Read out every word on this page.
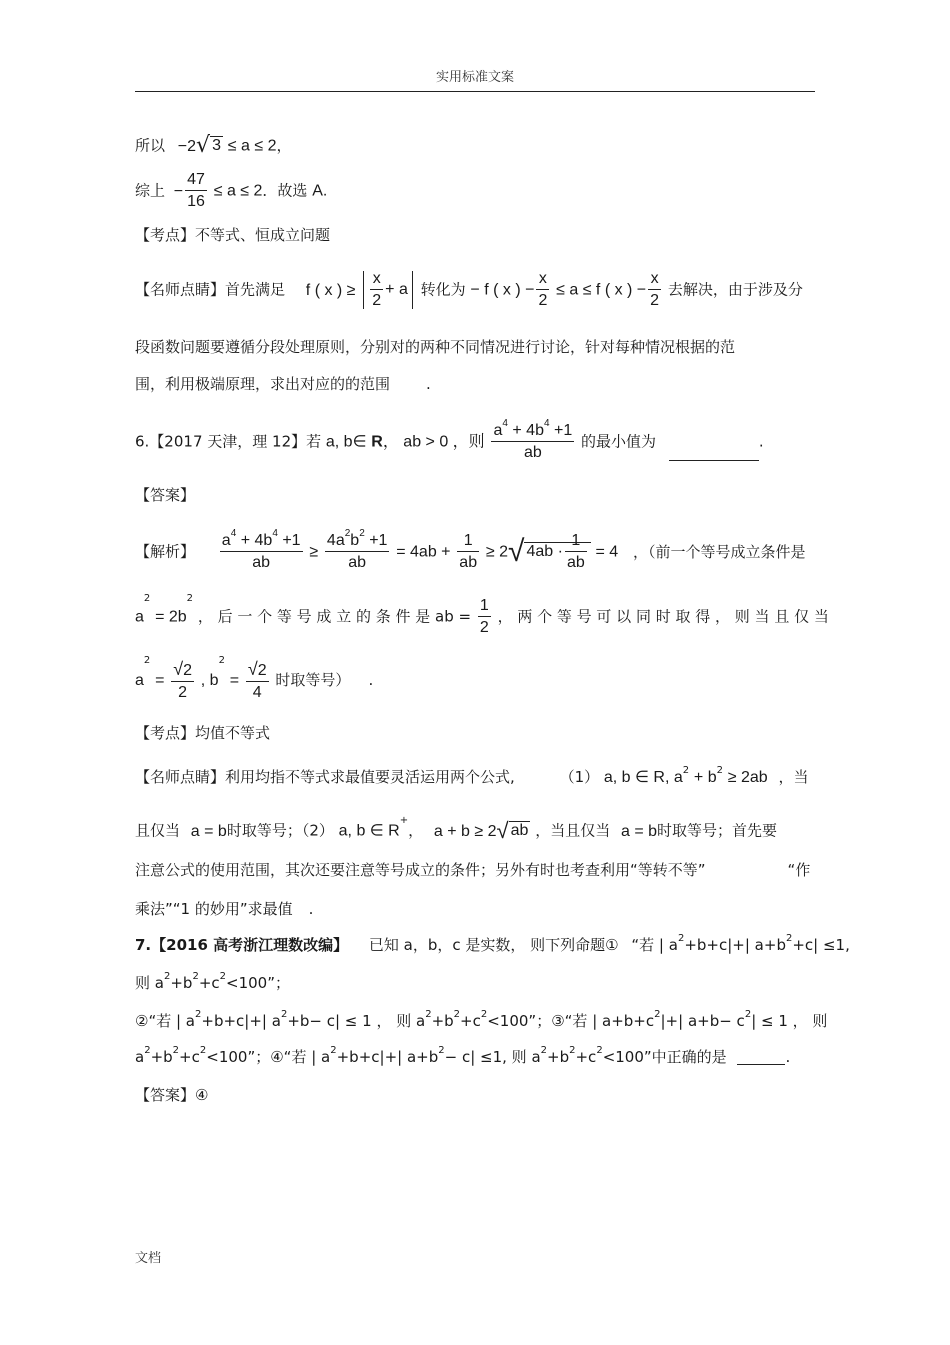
实用标准文案
所以 −2√ 3 ≤ a ≤ 2，
综上 − $\frac{47}{16} \le a \le 2$．故选 A.
【考点】不等式、恒成立问题
【名师点睛】首先满足 f ( x ) ≥ $\frac{x}{2} + a$ 转化为 − f ( x ) − $\frac{x}{2} \le a \le f$ ( x ) − $\frac{x}{2}$ 去解决，由于涉及分
段函数问题要遵循分段处理原则，分别对的两种不同情况进行讨论，针对每种情况根据的范
围，利用极端原理，求出对应的的范围 .
6.【2017 天津，理 12】若 a, b∈ R， ab > 0 ，则 $\frac{a^4 + 4b^4 +1}{ab}$ 的最小值为	.
【答案】
【解析】 $\frac{a^4 + 4b^4 +1}{ab} \ge \frac{4a^2b^2 +1}{ab} = 4ab + \frac{1}{ab} \ge 2√$ $4ab \cdot \frac{1}{ab} = 4$ ，（前一个等号成立条件是
$a^2 = 2b^2$ ， 后 一 个 等 号 成 立 的 条 件 是 ab = $\frac{1}{2}$ ， 两 个 等 号 可 以 同 时 取 得 ， 则 当 且 仅 当
$a^2 = \frac{√2}{2}$ , $b^2 = \frac{√2}{4}$ 时取等号） .
【考点】均值不等式
【名师点睛】利用均指不等式求最值要灵活运用两个公式,	（1） a, b ∈ R, $a^2 + b^2 \ge 2ab$ ，当
且仅当 a = b时取等号；（2） a, b ∈ R+， a + b ≥ 2√ ab ，当且仅当 a = b时取等号；首先要
注意公式的使用范围，其次还要注意等号成立的条件；另外有时也考查利用“等转不等”	“作
乘法”“1 的妙用”求最值 .
7.【2016 高考浙江理数改编】 已知 a，b，c 是实数， 则下列命题① “若 | $a^2+b+c|+|$ $a+b^2+c| \le 1$,
则 $a^2+b^2+c^2<100$”；
②“若 | $a^2+b+c|+|$ $a^2+b- c| \le 1$ ， 则 $a^2+b^2+c^2<100$”；③“若 | $a+b+c^2|+|$ $a+b- c^2| \le 1$ ， 则
$a^2+b^2+c^2<100$”；④“若 | $a^2+b+c|+|$ $a+b^2- c| \le 1$, 则 $a^2+b^2+c^2<100$”中正确的是	.
【答案】④
文档
